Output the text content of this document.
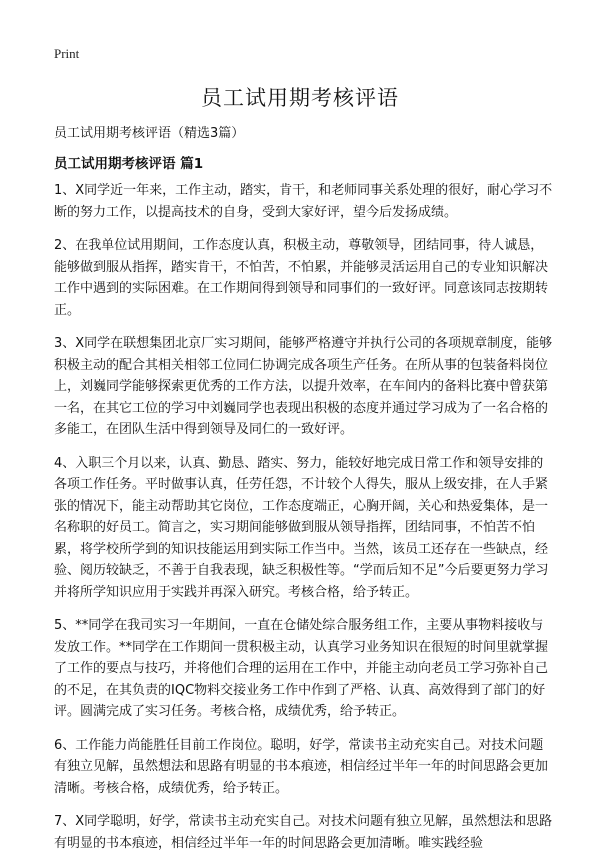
Print
员工试用期考核评语

员工试用期考核评语（精选3篇）

员工试用期考核评语 篇1

1、X同学近一年来，工作主动，踏实，肯干，和老师同事关系处理的很好，耐心学习不断的努力工作，以提高技术的自身，受到大家好评，望今后发扬成绩。

2、在我单位试用期间，工作态度认真，积极主动，尊敬领导，团结同事，待人诚恳，能够做到服从指挥，踏实肯干，不怕苦，不怕累，并能够灵活运用自己的专业知识解决工作中遇到的实际困难。在工作期间得到领导和同事们的一致好评。同意该同志按期转正。

3、X同学在联想集团北京厂实习期间，能够严格遵守并执行公司的各项规章制度，能够积极主动的配合其相关相邻工位同仁协调完成各项生产任务。在所从事的包装备料岗位上，刘巍同学能够探索更优秀的工作方法，以提升效率，在车间内的备料比赛中曾获第一名，在其它工位的学习中刘巍同学也表现出积极的态度并通过学习成为了一名合格的多能工，在团队生活中得到领导及同仁的一致好评。

4、入职三个月以来，认真、勤恳、踏实、努力，能较好地完成日常工作和领导安排的各项工作任务。平时做事认真，任劳任怨，不计较个人得失，服从上级安排，在人手紧张的情况下，能主动帮助其它岗位，工作态度端正，心胸开阔，关心和热爱集体，是一名称职的好员工。简言之，实习期间能够做到服从领导指挥，团结同事，不怕苦不怕累，将学校所学到的知识技能运用到实际工作当中。当然，该员工还存在一些缺点，经验、阅历较缺乏，不善于自我表现，缺乏积极性等。“学而后知不足”今后要更努力学习并将所学知识应用于实践并再深入研究。考核合格，给予转正。

5、**同学在我司实习一年期间，一直在仓储处综合服务组工作，主要从事物料接收与发放工作。**同学在工作期间一贯积极主动，认真学习业务知识在很短的时间里就掌握了工作的要点与技巧，并将他们合理的运用在工作中，并能主动向老员工学习弥补自己的不足，在其负责的IQC物料交接业务工作中作到了严格、认真、高效得到了部门的好评。圆满完成了实习任务。考核合格，成绩优秀，给予转正。

6、工作能力尚能胜任目前工作岗位。聪明，好学，常读书主动充实自己。对技术问题有独立见解，虽然想法和思路有明显的书本痕迹，相信经过半年一年的时间思路会更加清晰。考核合格，成绩优秀，给予转正。

7、X同学聪明，好学，常读书主动充实自己。对技术问题有独立见解，虽然想法和思路有明显的书本痕迹，相信经过半年一年的时间思路会更加清晰。唯实践经验
